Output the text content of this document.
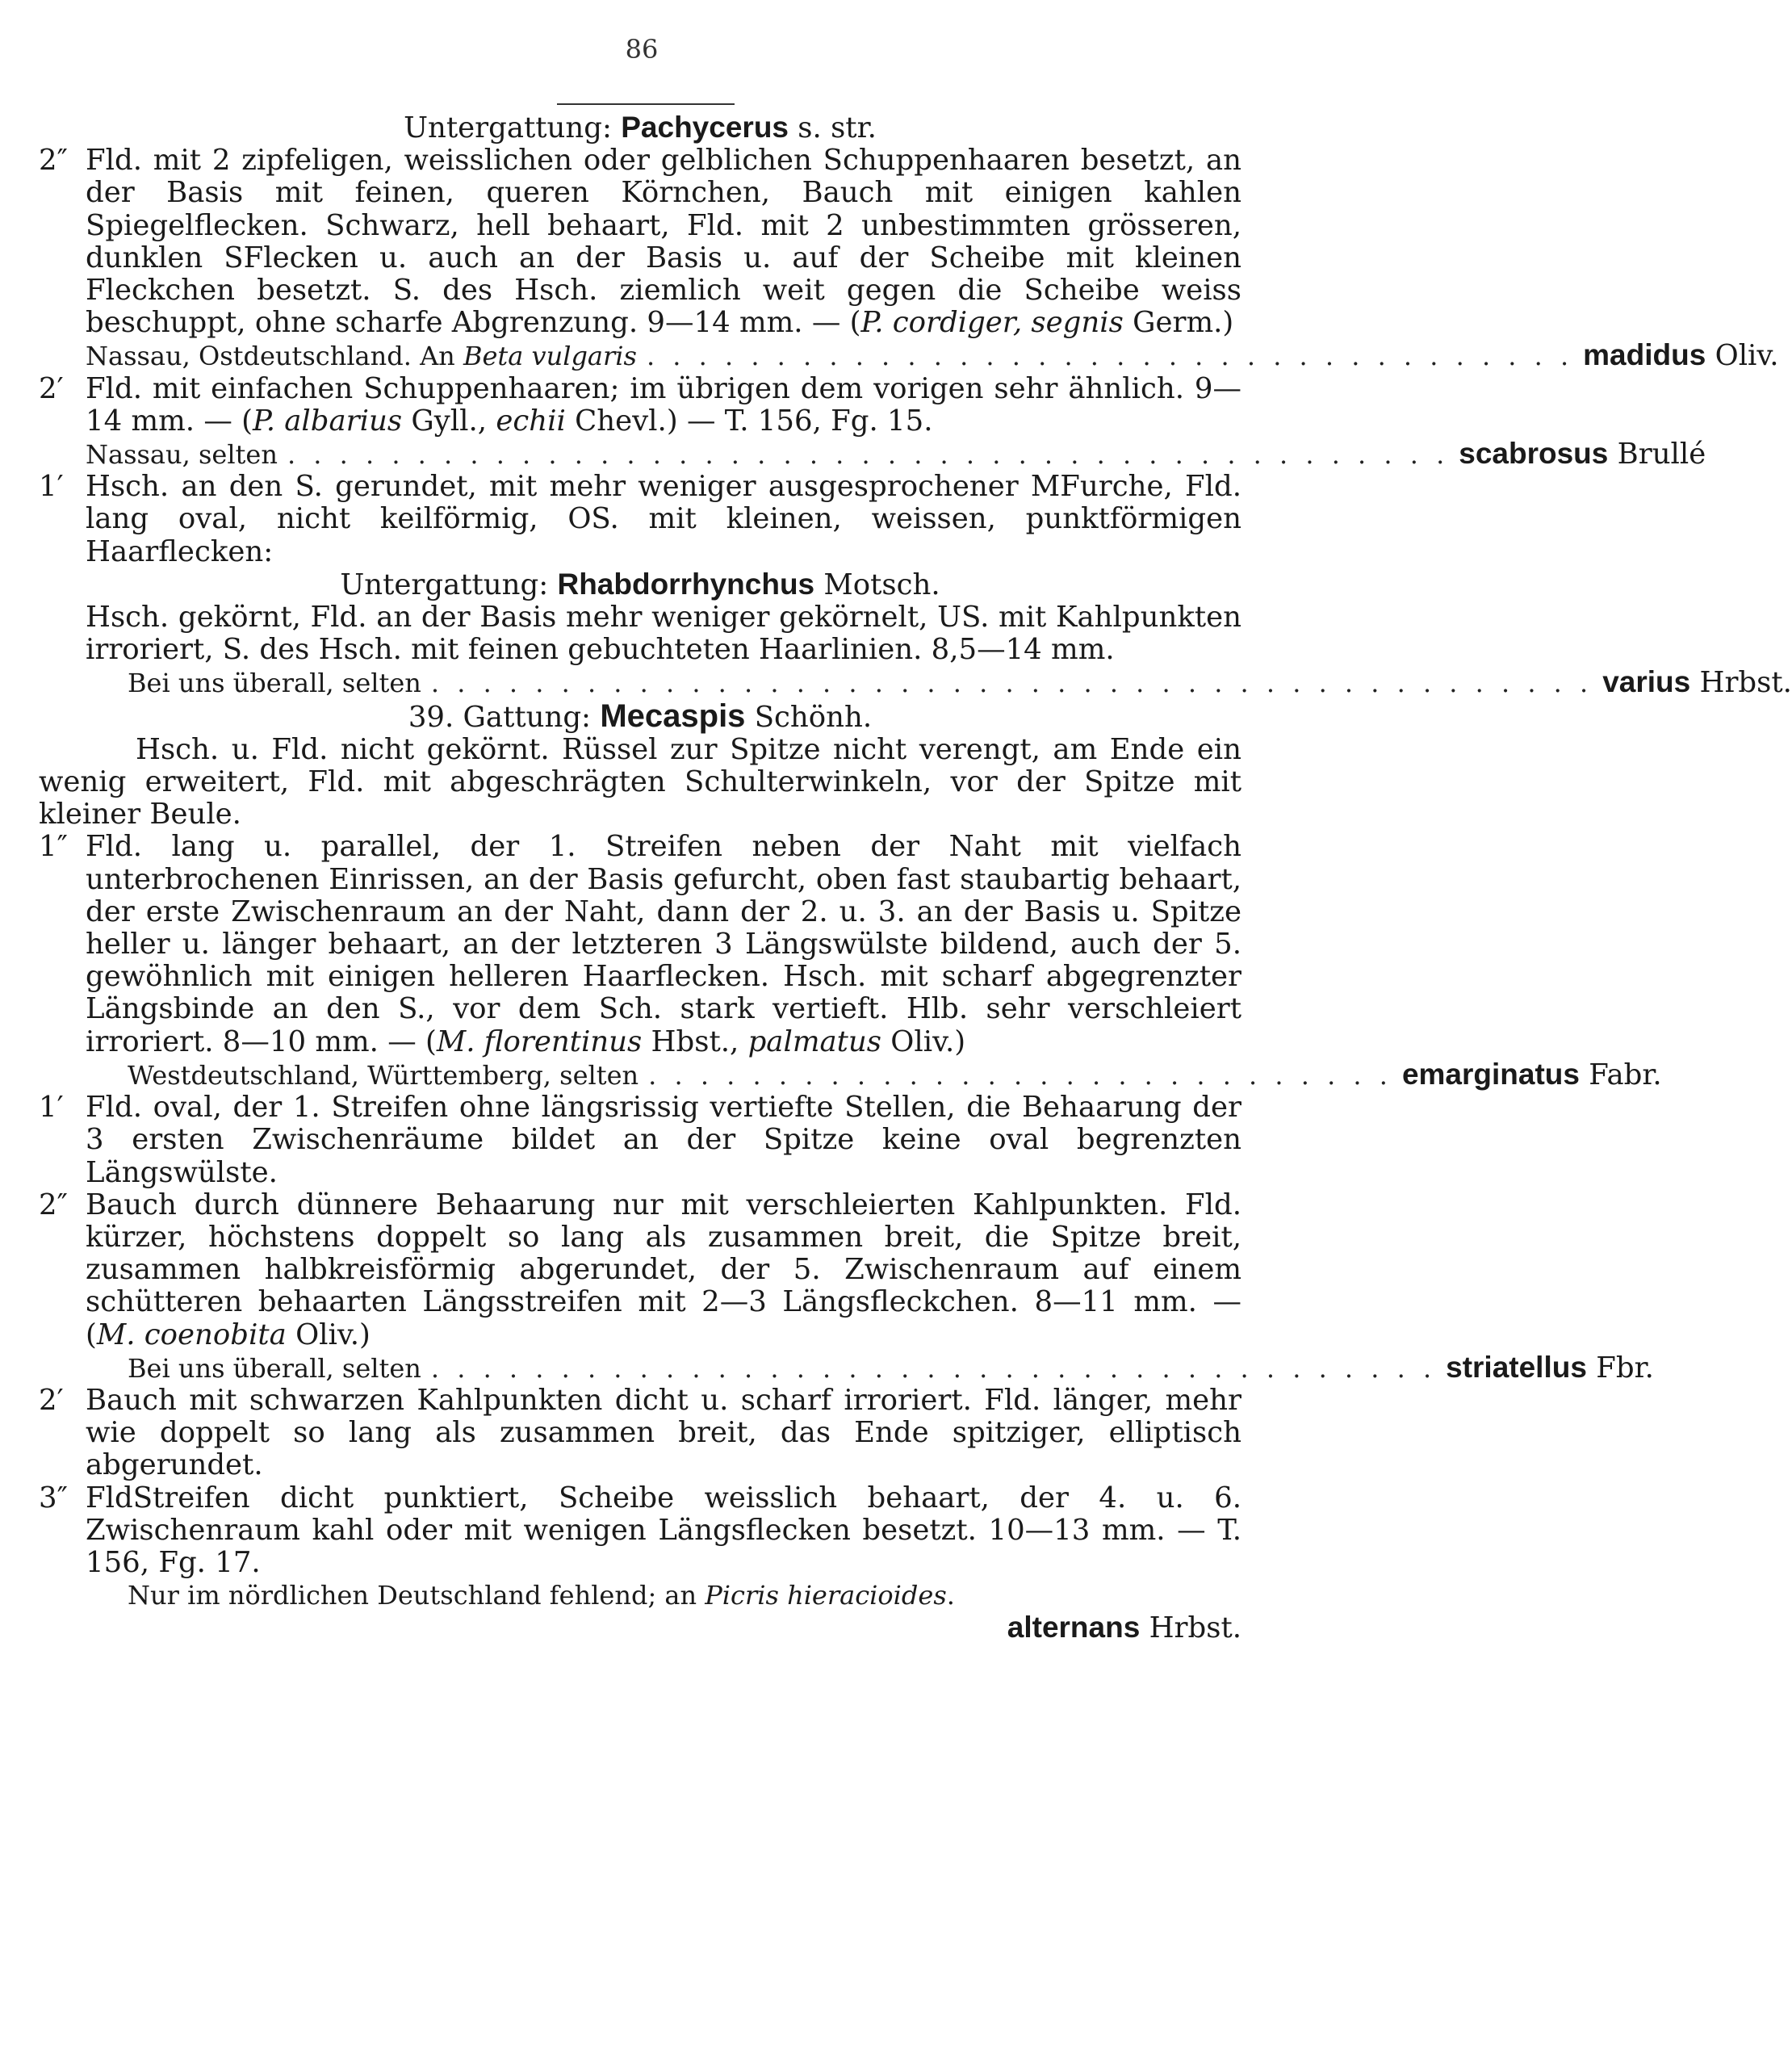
86

Untergattung: Pachycerus s. str.

2″ Fld. mit 2 zipfeligen, weisslichen oder gelblichen Schuppenhaaren besetzt, an der Basis mit feinen, queren Körnchen, Bauch mit einigen kahlen Spiegelflecken. Schwarz, hell behaart, Fld. mit 2 unbestimmten grösseren, dunklen SFlecken u. auch an der Basis u. auf der Scheibe mit kleinen Fleckchen besetzt. S. des Hsch. ziemlich weit gegen die Scheibe weiss beschuppt, ohne scharfe Abgrenzung. 9—14 mm. — (P. cordiger, segnis Germ.)

Nassau, Ostdeutschland. An Beta vulgaris . . . . . . . . . . . . . . . . . . . . . . . . . . . . . . . . . . . . madidus
Oliv.
2′ Fld. mit einfachen Schuppenhaaren; im übrigen dem vorigen sehr ähnlich. 9—14 mm. — (P. albarius Gyll., echii Chevl.) — T. 156, Fg. 15.

Nassau, selten . . . . . . . . . . . . . . . . . . . . . . . . . . . . . . . . . . . . . . . . . . . . . scabrosus
Brullé
1′ Hsch. an den S. gerundet, mit mehr weniger ausgesprochener MFurche, Fld. lang oval, nicht keilförmig, OS. mit kleinen, weissen, punktförmigen Haarflecken:

Untergattung: Rhabdorrhynchus Motsch.

Hsch. gekörnt, Fld. an der Basis mehr weniger gekörnelt, US. mit Kahlpunkten irroriert, S. des Hsch. mit feinen gebuchteten Haarlinien. 8,5—14 mm.

Bei uns überall, selten . . . . . . . . . . . . . . . . . . . . . . . . . . . . . . . . . . . . . . . . . . . . . varius
Hrbst.

39. Gattung: Mecaspis Schönh.

Hsch. u. Fld. nicht gekörnt. Rüssel zur Spitze nicht verengt, am Ende ein wenig erweitert, Fld. mit abgeschrägten Schulterwinkeln, vor der Spitze mit kleiner Beule.

1″ Fld. lang u. parallel, der 1. Streifen neben der Naht mit vielfach unterbrochenen Einrissen, an der Basis gefurcht, oben fast staubartig behaart, der erste Zwischenraum an der Naht, dann der 2. u. 3. an der Basis u. Spitze heller u. länger behaart, an der letzteren 3 Längswülste bildend, auch der 5. gewöhnlich mit einigen helleren Haarflecken. Hsch. mit scharf abgegrenzter Längsbinde an den S., vor dem Sch. stark vertieft. Hlb. sehr verschleiert irroriert. 8—10 mm. — (M. florentinus Hbst., palmatus Oliv.)

Westdeutschland, Württemberg, selten . . . . . . . . . . . . . . . . . . . . . . . . . . . . . emarginatus
Fabr.
1′ Fld. oval, der 1. Streifen ohne längsrissig vertiefte Stellen, die Behaarung der 3 ersten Zwischenräume bildet an der Spitze keine oval begrenzten Längswülste.

2″ Bauch durch dünnere Behaarung nur mit verschleierten Kahlpunkten. Fld. kürzer, höchstens doppelt so lang als zusammen breit, die Spitze breit, zusammen halbkreisförmig abgerundet, der 5. Zwischenraum auf einem schütteren behaarten Längsstreifen mit 2—3 Längsfleckchen. 8—11 mm. — (M. coenobita Oliv.)

Bei uns überall, selten . . . . . . . . . . . . . . . . . . . . . . . . . . . . . . . . . . . . . . . striatellus
Fbr.
2′ Bauch mit schwarzen Kahlpunkten dicht u. scharf irroriert. Fld. länger, mehr wie doppelt so lang als zusammen breit, das Ende spitziger, elliptisch abgerundet.

3″ FldStreifen dicht punktiert, Scheibe weisslich behaart, der 4. u. 6. Zwischenraum kahl oder mit wenigen Längsflecken besetzt. 10—13 mm. — T. 156, Fg. 17.

Nur im nördlichen Deutschland fehlend; an Picris hieracioides.

alternans Hrbst.
